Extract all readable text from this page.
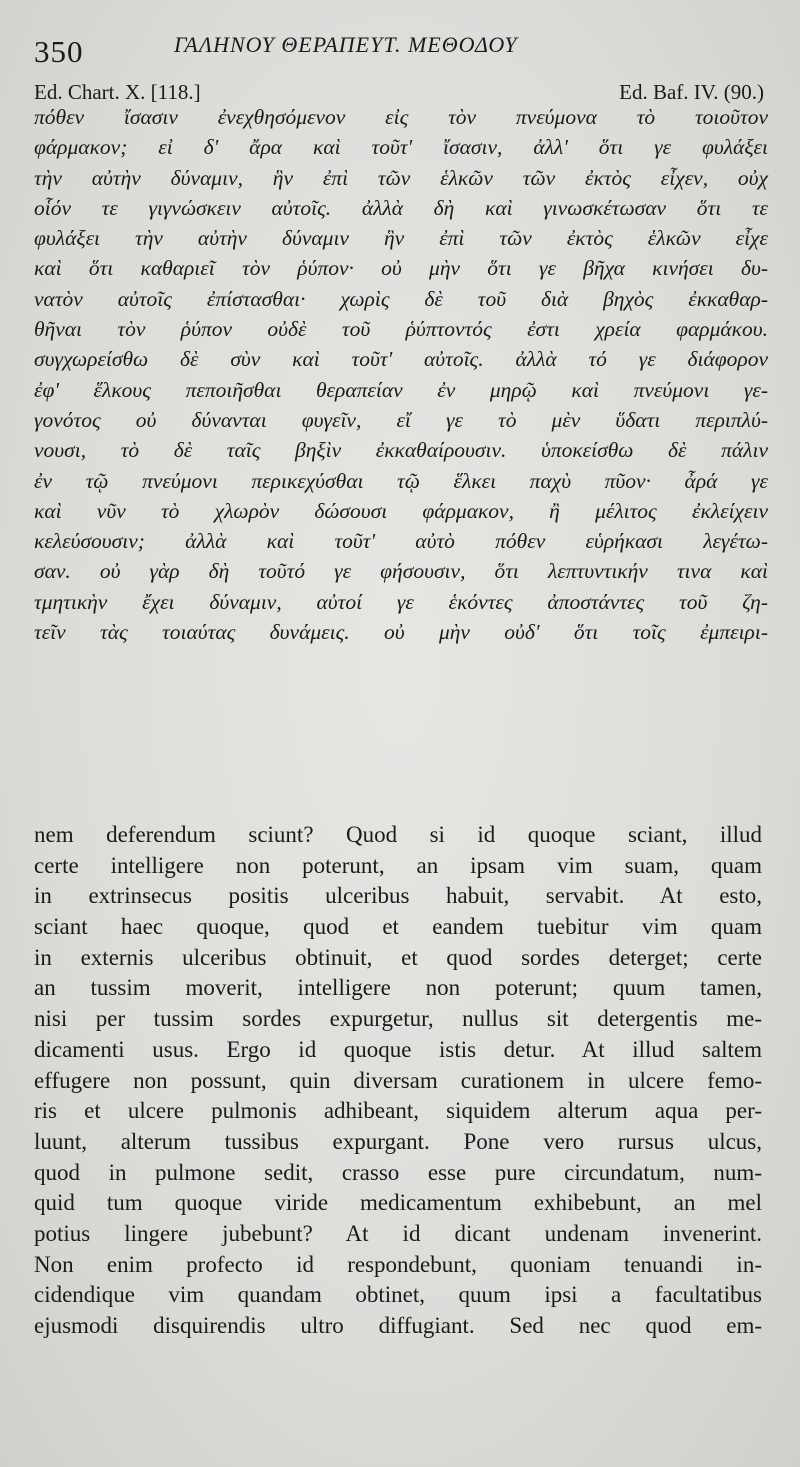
350	ΓΑΛΗΝΟΥ ΘΕΡΑΠΕΥΤ. ΜΕΘΟΔΟΥ
Ed. Chart. X. [118.]	Ed. Baf. IV. (90.)
πόθεν ἴσασιν ἐνεχθησόμενον εἰς τὸν πνεύμονα τὸ τοιοῦτον
φάρμακον; εἰ δ' ἄρα καὶ τοῦτ' ἴσασιν, ἀλλ' ὅτι γε φυλάξει
τὴν αὐτὴν δύναμιν, ἣν ἐπὶ τῶν ἑλκῶν τῶν ἐκτὸς εἶχεν, οὐχ
οἷόν τε γιγνώσκειν αὐτοῖς. ἀλλὰ δὴ καὶ γινωσκέτωσαν ὅτι τε
φυλάξει τὴν αὐτὴν δύναμιν ἣν ἐπὶ τῶν ἐκτὸς ἑλκῶν εἶχε
καὶ ὅτι καθαριεῖ τὸν ῥύπον· οὐ μὴν ὅτι γε βῆχα κινήσει δυ-
νατὸν αὐτοῖς ἐπίστασθαι· χωρὶς δὲ τοῦ διὰ βηχὸς ἐκκαθαρ-
θῆναι τὸν ῥύπον οὐδὲ τοῦ ῥύπτοντός ἐστι χρεία φαρμάκου.
συγχωρείσθω δὲ σὺν καὶ τοῦτ' αὐτοῖς. ἀλλὰ τό γε διάφορον
ἐφ' ἕλκους πεποιῆσθαι θεραπείαν ἐν μηρῷ καὶ πνεύμονι γε-
γονότος οὐ δύνανται φυγεῖν, εἴ γε τὸ μὲν ὕδατι περιπλύ-
νουσι, τὸ δὲ ταῖς βηξὶν ἐκκαθαίρουσιν. ὑποκείσθω δὲ πάλιν
ἐν τῷ πνεύμονι περικεχύσθαι τῷ ἕλκει παχὺ πῦον· ἆρά γε
καὶ νῦν τὸ χλωρὸν δώσουσι φάρμακον, ἢ μέλιτος ἐκλείχειν
κελεύσουσιν; ἀλλὰ καὶ τοῦτ' αὐτὸ πόθεν εὑρήκασι λεγέτω-
σαν. οὐ γὰρ δὴ τοῦτό γε φήσουσιν, ὅτι λεπτυντικήν τινα καὶ
τμητικὴν ἔχει δύναμιν, αὐτοί γε ἑκόντες ἀποστάντες τοῦ ζη-
τεῖν τὰς τοιαύτας δυνάμεις. οὐ μὴν οὐδ' ὅτι τοῖς ἐμπειρι-
nem deferendum sciunt? Quod si id quoque sciant, illud
certe intelligere non poterunt, an ipsam vim suam, quam
in extrinsecus positis ulceribus habuit, servabit. At esto,
sciant haec quoque, quod et eandem tuebitur vim quam
in externis ulceribus obtinuit, et quod sordes deterget; certe
an tussim moverit, intelligere non poterunt; quum tamen,
nisi per tussim sordes expurgetur, nullus sit detergentis me-
dicamenti usus. Ergo id quoque istis detur. At illud saltem
effugere non possunt, quin diversam curationem in ulcere femo-
ris et ulcere pulmonis adhibeant, siquidem alterum aqua per-
luunt, alterum tussibus expurgant. Pone vero rursus ulcus,
quod in pulmone sedit, crasso esse pure circundatum, num-
quid tum quoque viride medicamentum exhibebunt, an mel
potius lingere jubebunt? At id dicant undenam invenerint.
Non enim profecto id respondebunt, quoniam tenuandi in-
cidendique vim quandam obtinet, quum ipsi a facultatibus
ejusmodi disquirendis ultro diffugiant. Sed nec quod em-
